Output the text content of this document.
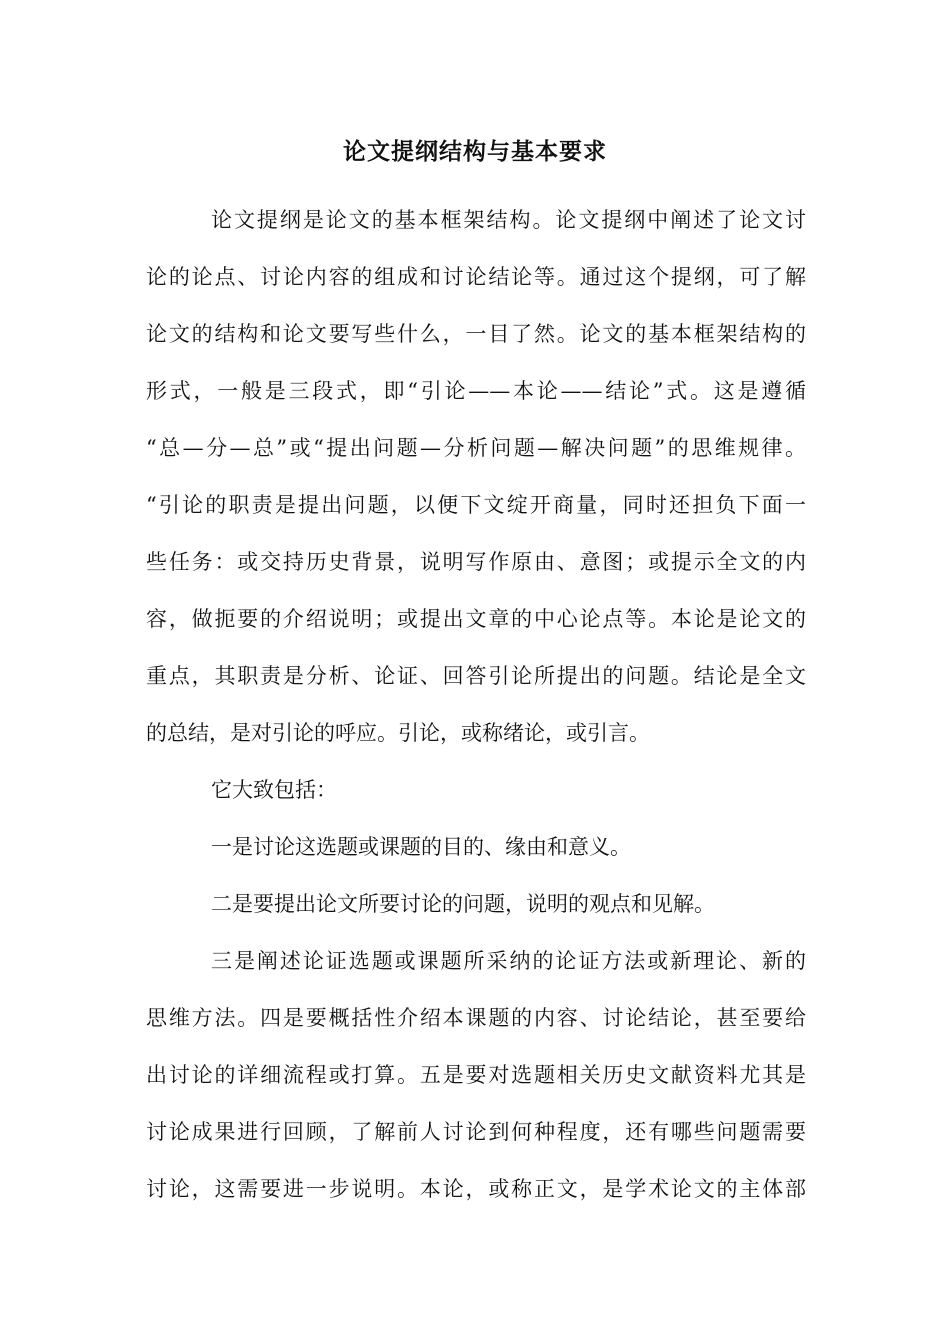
论文提纲结构与基本要求

论文提纲是论文的基本框架结构。论文提纲中阐述了论文讨

论的论点、讨论内容的组成和讨论结论等。通过这个提纲，可了解

论文的结构和论文要写些什么，一目了然。论文的基本框架结构的

形式，一般是三段式，即“引论——本论——结论”式。这是遵循

“总—分—总”或“提出问题—分析问题—解决问题”的思维规律。

“引论的职责是提出问题，以便下文绽开商量，同时还担负下面一

些任务：或交持历史背景，说明写作原由、意图；或提示全文的内

容，做扼要的介绍说明；或提出文章的中心论点等。本论是论文的

重点，其职责是分析、论证、回答引论所提出的问题。结论是全文

的总结，是对引论的呼应。引论，或称绪论，或引言。

它大致包括：

一是讨论这选题或课题的目的、缘由和意义。

二是要提出论文所要讨论的问题，说明的观点和见解。

三是阐述论证选题或课题所采纳的论证方法或新理论、新的

思维方法。四是要概括性介绍本课题的内容、讨论结论，甚至要给

出讨论的详细流程或打算。五是要对选题相关历史文献资料尤其是

讨论成果进行回顾，了解前人讨论到何种程度，还有哪些问题需要

讨论，这需要进一步说明。本论，或称正文，是学术论文的主体部
